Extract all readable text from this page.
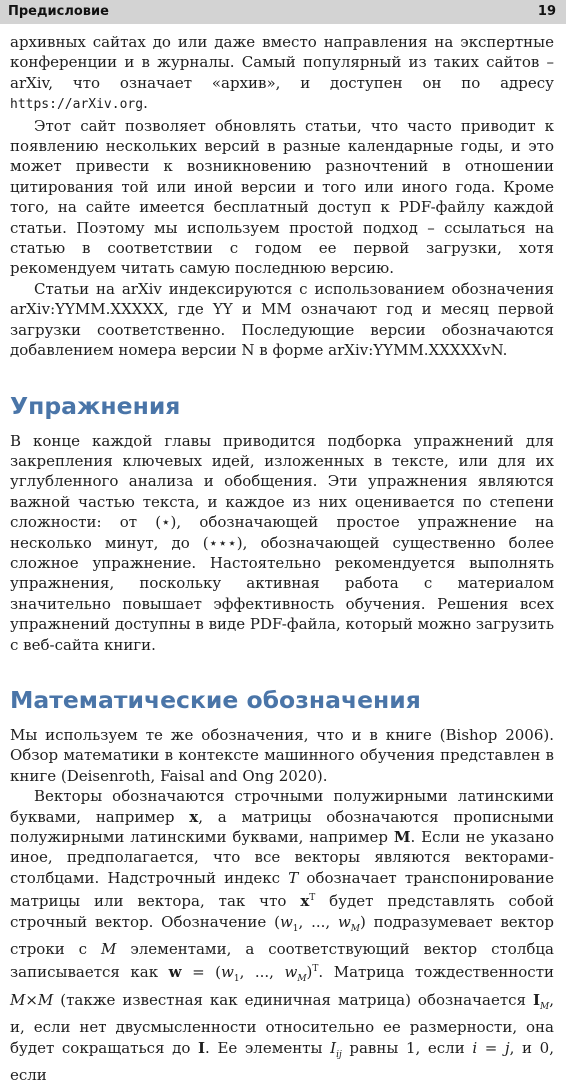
Предисловие	19

архивных сайтах до или даже вместо направления на экспертные конференции и в журналы. Самый популярный из таких сайтов – arXiv, что означает «архив», и доступен он по адресу https://arXiv.org.

Этот сайт позволяет обновлять статьи, что часто приводит к появлению нескольких версий в разные календарные годы, и это может привести к возникновению разночтений в отношении цитирования той или иной версии и того или иного года. Кроме того, на сайте имеется бесплатный доступ к PDF-файлу каждой статьи. Поэтому мы используем простой подход – ссылаться на статью в соответствии с годом ее первой загрузки, хотя рекомендуем читать самую последнюю версию.

Статьи на arXiv индексируются с использованием обозначения arXiv:YYMM.XXXXX, где YY и MM означают год и месяц первой загрузки соответственно. Последующие версии обозначаются добавлением номера версии N в форме arXiv:YYMM.XXXXXvN.

Упражнения

В конце каждой главы приводится подборка упражнений для закрепления ключевых идей, изложенных в тексте, или для их углубленного анализа и обобщения. Эти упражнения являются важной частью текста, и каждое из них оценивается по степени сложности: от (⋆), обозначающей простое упражнение на несколько минут, до (⋆⋆⋆), обозначающей существенно более сложное упражнение. Настоятельно рекомендуется выполнять упражнения, поскольку активная работа с материалом значительно повышает эффективность обучения. Решения всех упражнений доступны в виде PDF-файла, который можно загрузить с веб-сайта книги.

Математические обозначения

Мы используем те же обозначения, что и в книге (Bishop 2006). Обзор математики в контексте машинного обучения представлен в книге (Deisenroth, Faisal and Ong 2020).

Векторы обозначаются строчными полужирными латинскими буквами, например x, а матрицы обозначаются прописными полужирными латинскими буквами, например M. Если не указано иное, предполагается, что все векторы являются векторами-столбцами. Надстрочный индекс T обозначает транспонирование матрицы или вектора, так что $x^T$ будет представлять собой строчный вектор. Обозначение ($w_1$, ..., $w_M$) подразумевает вектор строки с M элементами, а соответствующий вектор столбца записывается как $w = (w_1$, ..., $w_M)^T$. Матрица тождественности M×M (также известная как единичная матрица) обозначается $I_M$, и, если нет двусмысленности относительно ее размерности, она будет сокращаться до I. Ее элементы $I_{ij}$ равны 1, если i = j, и 0, если
